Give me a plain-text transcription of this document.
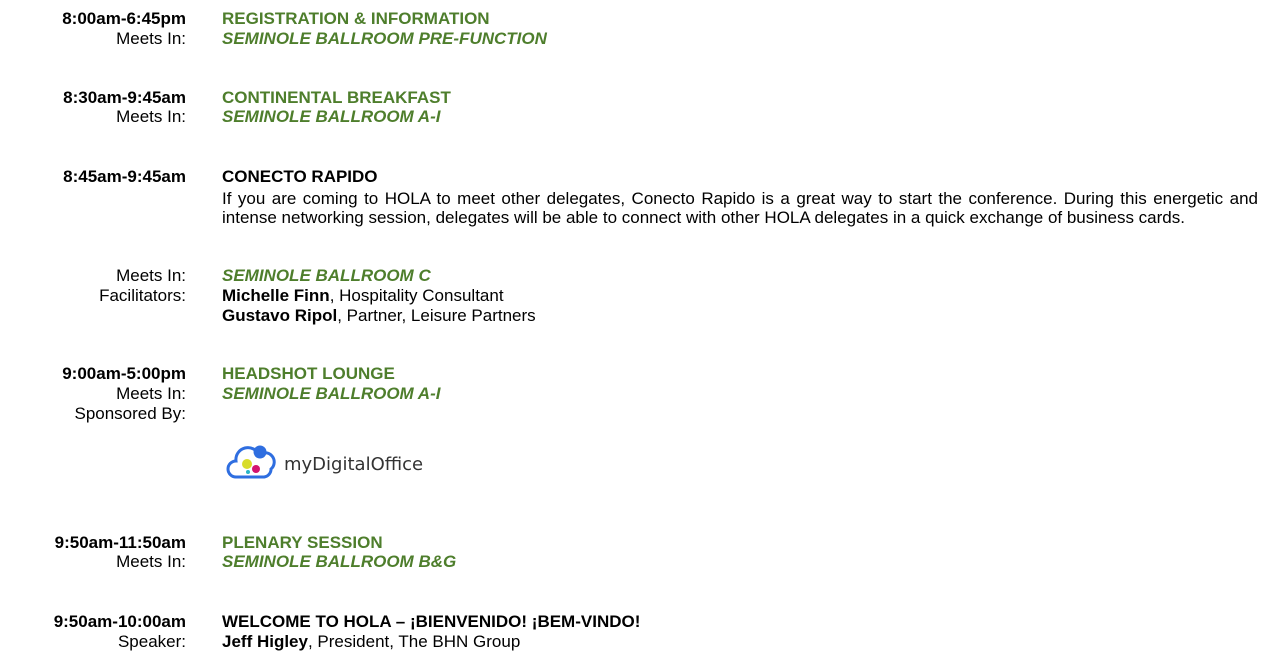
8:00am-6:45pm REGISTRATION & INFORMATION
Meets In: SEMINOLE BALLROOM PRE-FUNCTION
8:30am-9:45am CONTINENTAL BREAKFAST
Meets In: SEMINOLE BALLROOM A-I
8:45am-9:45am CONECTO RAPIDO
If you are coming to HOLA to meet other delegates, Conecto Rapido is a great way to start the conference. During this energetic and intense networking session, delegates will be able to connect with other HOLA delegates in a quick exchange of business cards.
Meets In: SEMINOLE BALLROOM C
Facilitators: Michelle Finn, Hospitality Consultant
Gustavo Ripol, Partner, Leisure Partners
9:00am-5:00pm HEADSHOT LOUNGE
Meets In: SEMINOLE BALLROOM A-I
Sponsored By:
myDigitalOffice
9:50am-11:50am PLENARY SESSION
Meets In: SEMINOLE BALLROOM B&G
9:50am-10:00am WELCOME TO HOLA – ¡BIENVENIDO! ¡BEM-VINDO!
Speaker: Jeff Higley, President, The BHN Group
